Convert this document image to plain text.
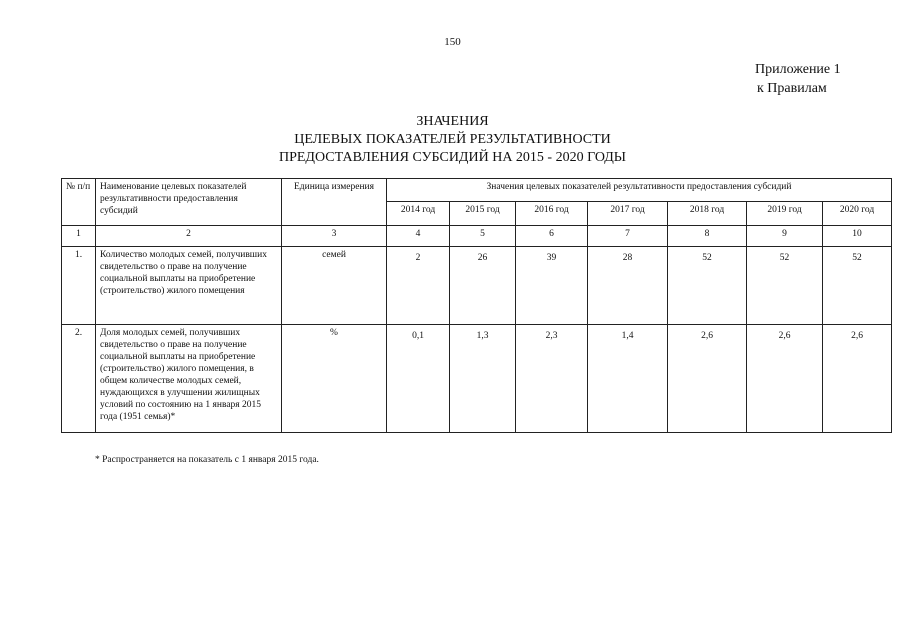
150
Приложение 1
к Правилам
ЗНАЧЕНИЯ
ЦЕЛЕВЫХ ПОКАЗАТЕЛЕЙ РЕЗУЛЬТАТИВНОСТИ
ПРЕДОСТАВЛЕНИЯ СУБСИДИЙ НА 2015 - 2020 ГОДЫ
№ п/п	Наименование целевых показателей результативности предоставления субсидий	Единица измерения	Значения целевых показателей результативности предоставления субсидий						
			2014 год	2015 год	2016 год	2017 год	2018 год	2019 год	2020 год
1	2	3	4	5	6	7	8	9	10
1.	Количество молодых семей, получивших свидетельство о праве на получение социальной выплаты на приобретение (строительство) жилого помещения	семей	2	26	39	28	52	52	52
2.	Доля молодых семей, получивших свидетельство о праве на получение социальной выплаты на приобретение (строительство) жилого помещения, в общем количестве молодых семей, нуждающихся в улучшении жилищных условий по состоянию на 1 января 2015 года (1951 семья)*	%	0,1	1,3	2,3	1,4	2,6	2,6	2,6
* Распространяется на показатель с 1 января 2015 года.
